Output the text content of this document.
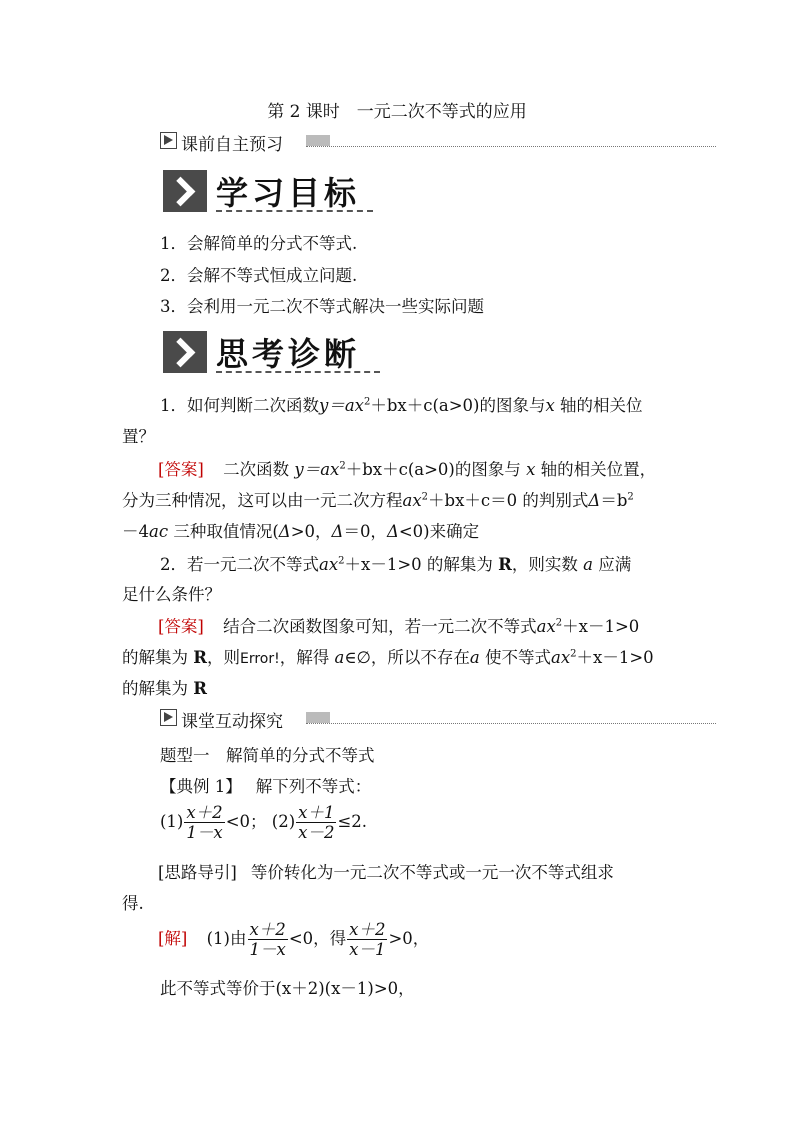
第 2 课时　一元二次不等式的应用
课前自主预习
学习目标
1．会解简单的分式不等式.
2．会解不等式恒成立问题.
3．会利用一元二次不等式解决一些实际问题
思考诊断
1．如何判断二次函数$y=ax^2+bx+c(a>0)$的图象与x 轴的相关位
置？
[答案] 二次函数 $y=ax^2+bx+c(a>0)$的图象与 x 轴的相关位置，
分为三种情况，这可以由一元二次方程$ax^2+bx+c=0$ 的判别式$\Delta=b^2$
－4ac 三种取值情况(Δ>0，Δ＝0，Δ<0)来确定
2．若一元二次不等式$ax^2+x-1>0$ 的解集为 R，则实数 a 应满
足什么条件？
[答案] 结合二次函数图象可知，若一元二次不等式$ax^2+x-1>0$
的解集为 R，则Error!，解得 a∈∅，所以不存在a 使不等式$ax^2+x-1>0$
的解集为 R
课堂互动探究
题型一　解简单的分式不等式
【典例 1】 解下列不等式：
$(1) \frac{x+2}{1-x} <0$； $(2) \frac{x+1}{x-2} \le 2$.
[思路导引] 等价转化为一元二次不等式或一元一次不等式组求
得.
[解] (1)由 $\frac{x+2}{1-x} <0$，得 $\frac{x+2}{x-1} >0$，
此不等式等价于(x＋2)(x－1)>0，
